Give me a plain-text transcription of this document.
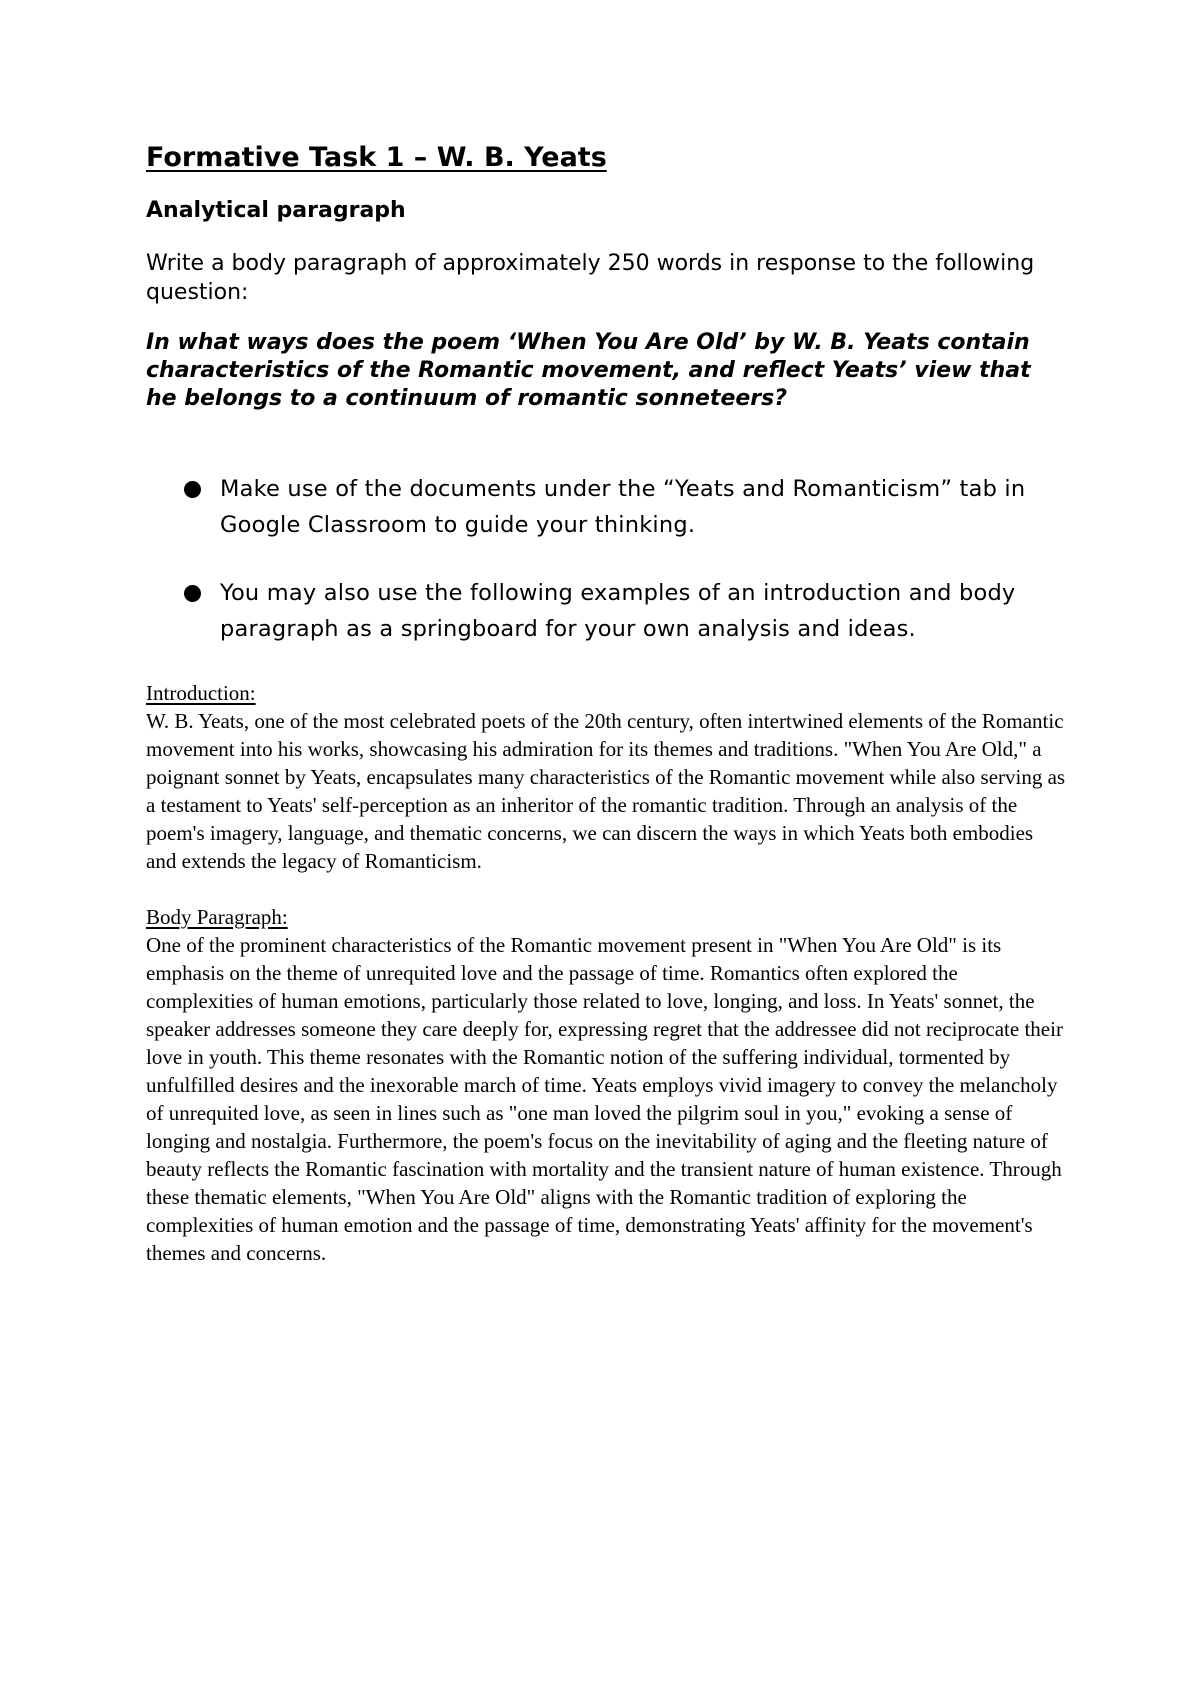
Formative Task 1 – W. B. Yeats
Analytical paragraph

Write a body paragraph of approximately 250 words in response to the following question:

In what ways does the poem ‘When You Are Old’ by W. B. Yeats contain characteristics of the Romantic movement, and reflect Yeats’ view that he belongs to a continuum of romantic sonneteers?

Make use of the documents under the “Yeats and Romanticism” tab in Google Classroom to guide your thinking.
You may also use the following examples of an introduction and body paragraph as a springboard for your own analysis and ideas.

Introduction:

W. B. Yeats, one of the most celebrated poets of the 20th century, often intertwined elements of the Romantic movement into his works, showcasing his admiration for its themes and traditions. "When You Are Old," a poignant sonnet by Yeats, encapsulates many characteristics of the Romantic movement while also serving as a testament to Yeats' self-perception as an inheritor of the romantic tradition. Through an analysis of the poem's imagery, language, and thematic concerns, we can discern the ways in which Yeats both embodies and extends the legacy of Romanticism.

Body Paragraph:

One of the prominent characteristics of the Romantic movement present in "When You Are Old" is its emphasis on the theme of unrequited love and the passage of time. Romantics often explored the complexities of human emotions, particularly those related to love, longing, and loss. In Yeats' sonnet, the speaker addresses someone they care deeply for, expressing regret that the addressee did not reciprocate their love in youth. This theme resonates with the Romantic notion of the suffering individual, tormented by unfulfilled desires and the inexorable march of time. Yeats employs vivid imagery to convey the melancholy of unrequited love, as seen in lines such as "one man loved the pilgrim soul in you," evoking a sense of longing and nostalgia. Furthermore, the poem's focus on the inevitability of aging and the fleeting nature of beauty reflects the Romantic fascination with mortality and the transient nature of human existence. Through these thematic elements, "When You Are Old" aligns with the Romantic tradition of exploring the complexities of human emotion and the passage of time, demonstrating Yeats' affinity for the movement's themes and concerns.
